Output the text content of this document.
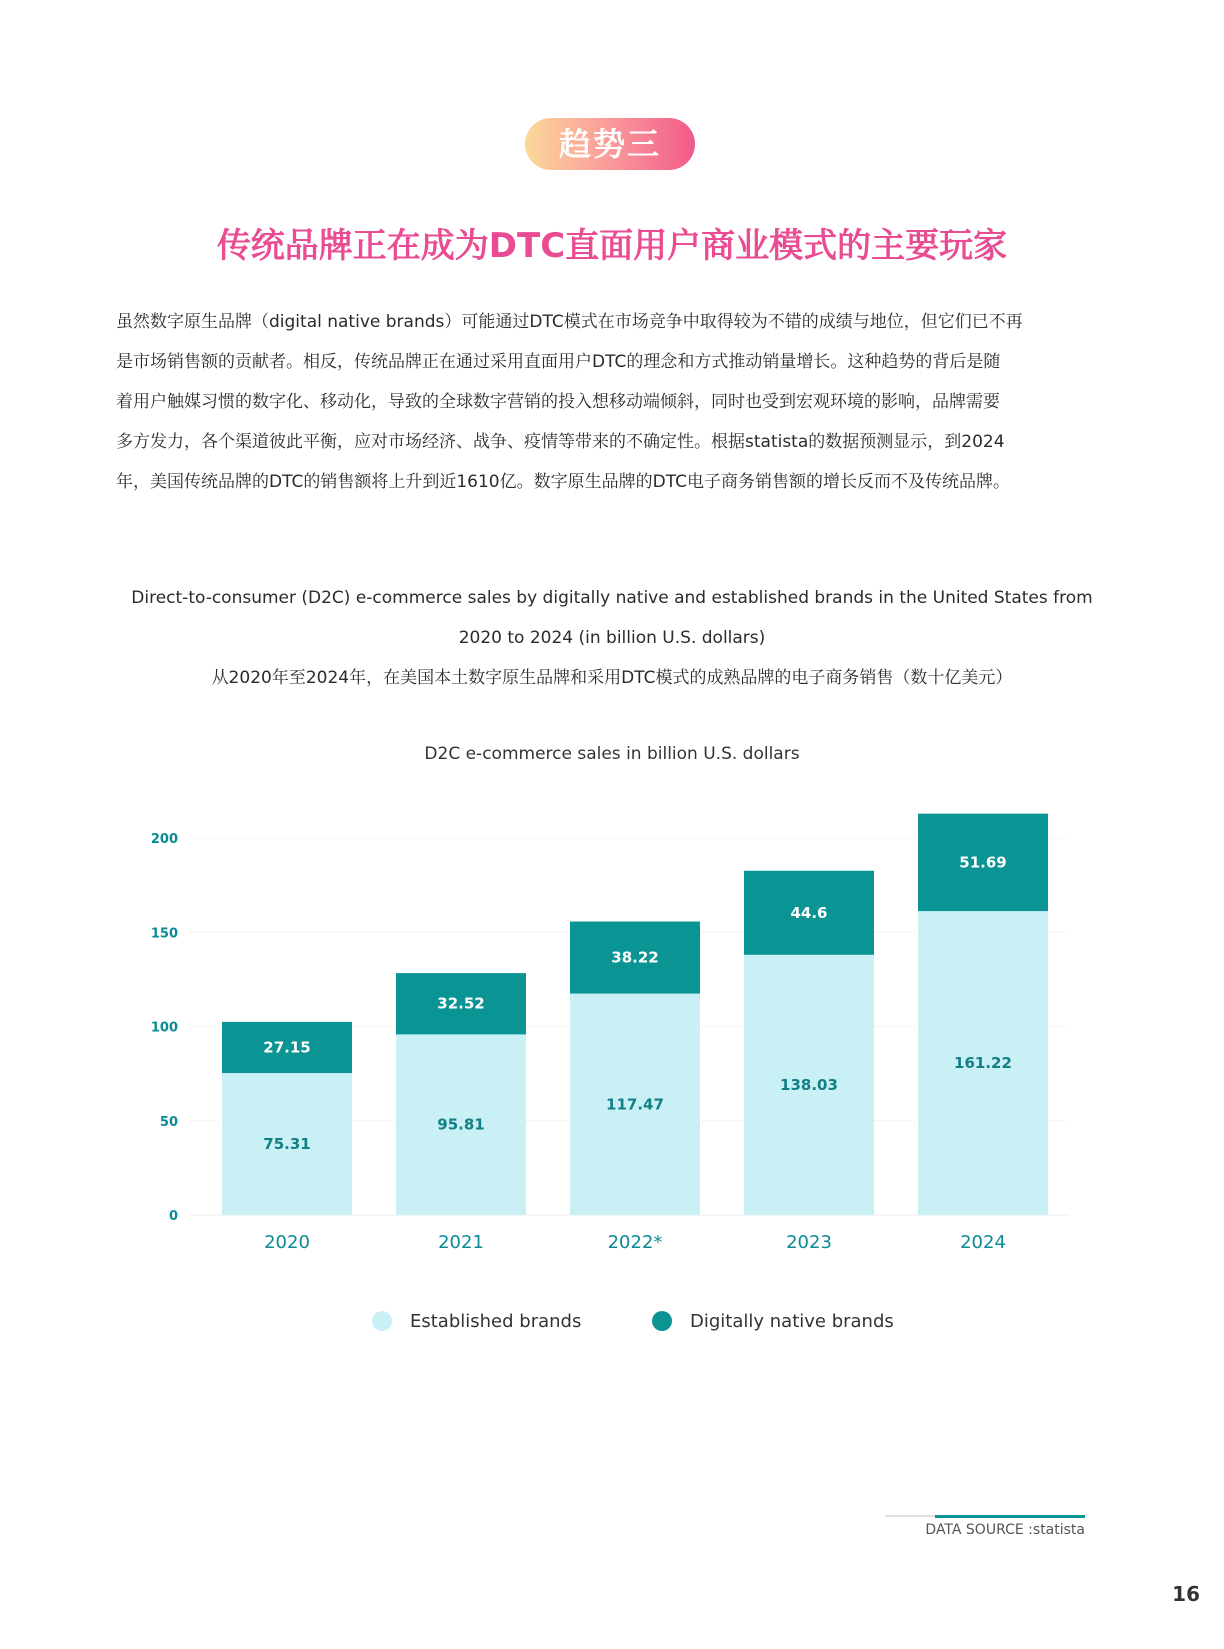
趋势三
传统品牌正在成为DTC直面用户商业模式的主要玩家

虽然数字原生品牌（digital native brands）可能通过DTC模式在市场竞争中取得较为不错的成绩与地位，但它们已不再

是市场销售额的贡献者。相反，传统品牌正在通过采用直面用户DTC的理念和方式推动销量增长。这种趋势的背后是随

着用户触媒习惯的数字化、移动化，导致的全球数字营销的投入想移动端倾斜，同时也受到宏观环境的影响，品牌需要

多方发力，各个渠道彼此平衡，应对市场经济、战争、疫情等带来的不确定性。根据statista的数据预测显示，到2024

年，美国传统品牌的DTC的销售额将上升到近1610亿。数字原生品牌的DTC电子商务销售额的增长反而不及传统品牌。

Direct-to-consumer (D2C) e-commerce sales by digitally native and established brands in the United States from

2020 to 2024 (in billion U.S. dollars)

从2020年至2024年，在美国本土数字原生品牌和采用DTC模式的成熟品牌的电子商务销售（数十亿美元）

D2C e-commerce sales in billion U.S. dollars
0
50
100
150
200
75.31
27.15
2020
95.81
32.52
2021
117.47
38.22
2022*
138.03
44.6
2023
161.22
51.69
2024
Established brands	Digitally native brands
DATA SOURCE :statista
16
